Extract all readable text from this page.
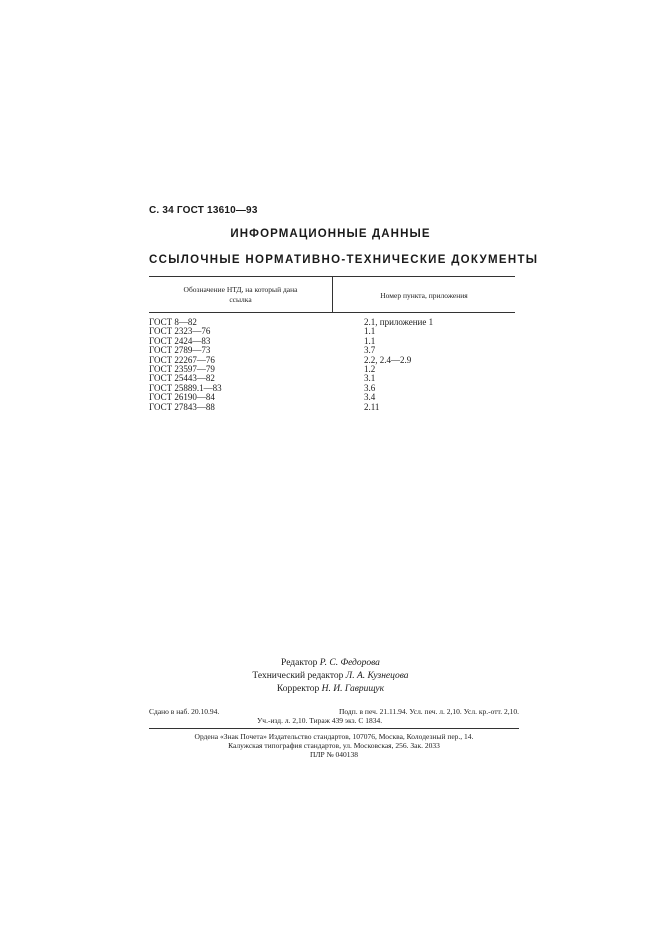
С. 34 ГОСТ 13610—93
ИНФОРМАЦИОННЫЕ ДАННЫЕ
ССЫЛОЧНЫЕ НОРМАТИВНО-ТЕХНИЧЕСКИЕ ДОКУМЕНТЫ
Обозначение НТД, на который дана
ссылка	Номер пункта, приложения
ГОСТ 8—82	2.1, приложение 1
ГОСТ 2323—76	1.1
ГОСТ 2424—83	1.1
ГОСТ 2789—73	3.7
ГОСТ 22267—76	2.2, 2.4—2.9
ГОСТ 23597—79	1.2
ГОСТ 25443—82	3.1
ГОСТ 25889.1—83	3.6
ГОСТ 26190—84	3.4
ГОСТ 27843—88	2.11
Редактор Р. С. Федорова
Технический редактор Л. А. Кузнецова
Корректор Н. И. Гаврищук
Сдано в наб. 20.10.94.	Подп. в печ. 21.11.94. Усл. печ. л. 2,10. Усл. кр.-отт. 2,10.
Уч.-изд. л. 2,10. Тираж 439 экз. С 1834.
Ордена «Знак Почета» Издательство стандартов, 107076, Москва, Колодезный пер., 14.
Калужская типография стандартов, ул. Московская, 256. Зак. 2033
ПЛР № 040138
